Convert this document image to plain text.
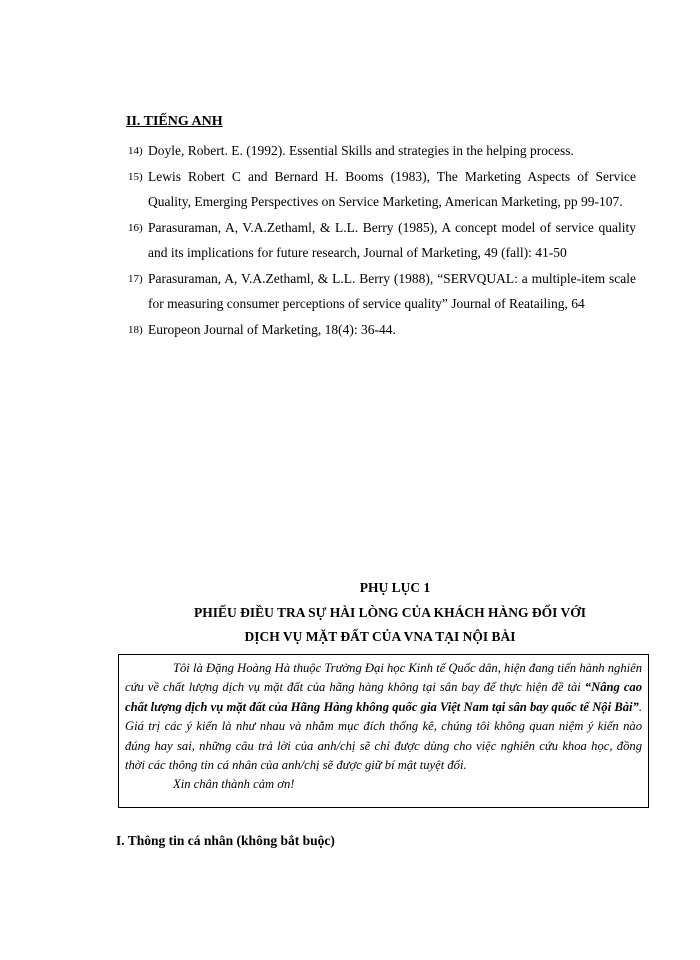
II. TIẾNG ANH
14) Doyle, Robert. E. (1992). Essential Skills and strategies in the helping process.
15) Lewis Robert C and Bernard H. Booms (1983), The Marketing Aspects of Service Quality, Emerging Perspectives on Service Marketing, American Marketing, pp 99-107.
16) Parasuraman, A, V.A.Zethaml, & L.L. Berry (1985), A concept model of service quality and its implications for future research, Journal of Marketing, 49 (fall): 41-50
17) Parasuraman, A, V.A.Zethaml, & L.L. Berry (1988), “SERVQUAL: a multiple-item scale for measuring consumer perceptions of service quality” Journal of Reatailing, 64
18) Europeon Journal of Marketing, 18(4): 36-44.
PHỤ LỤC 1
PHIẾU ĐIỀU TRA SỰ HÀI LÒNG CỦA KHÁCH HÀNG ĐỐI VỚI
DỊCH VỤ MẶT ĐẤT CỦA VNA TẠI NỘI BÀI

Tôi là Đặng Hoàng Hà thuộc Trường Đại học Kinh tế Quốc dân, hiện đang tiến hành nghiên cứu về chất lượng dịch vụ mặt đất của hãng hàng không tại sân bay để thực hiện đề tài “Nâng cao chất lượng dịch vụ mặt đất của Hãng Hàng không quốc gia Việt Nam tại sân bay quốc tế Nội Bài”. Giá trị các ý kiến là như nhau và nhằm mục đích thống kê, chúng tôi không quan niệm ý kiến nào đúng hay sai, những câu trả lời của anh/chị sẽ chỉ được dùng cho việc nghiên cứu khoa học, đồng thời các thông tin cá nhân của anh/chị sẽ được giữ bí mật tuyệt đối.

Xin chân thành cảm ơn!

I. Thông tin cá nhân (không bắt buộc)
